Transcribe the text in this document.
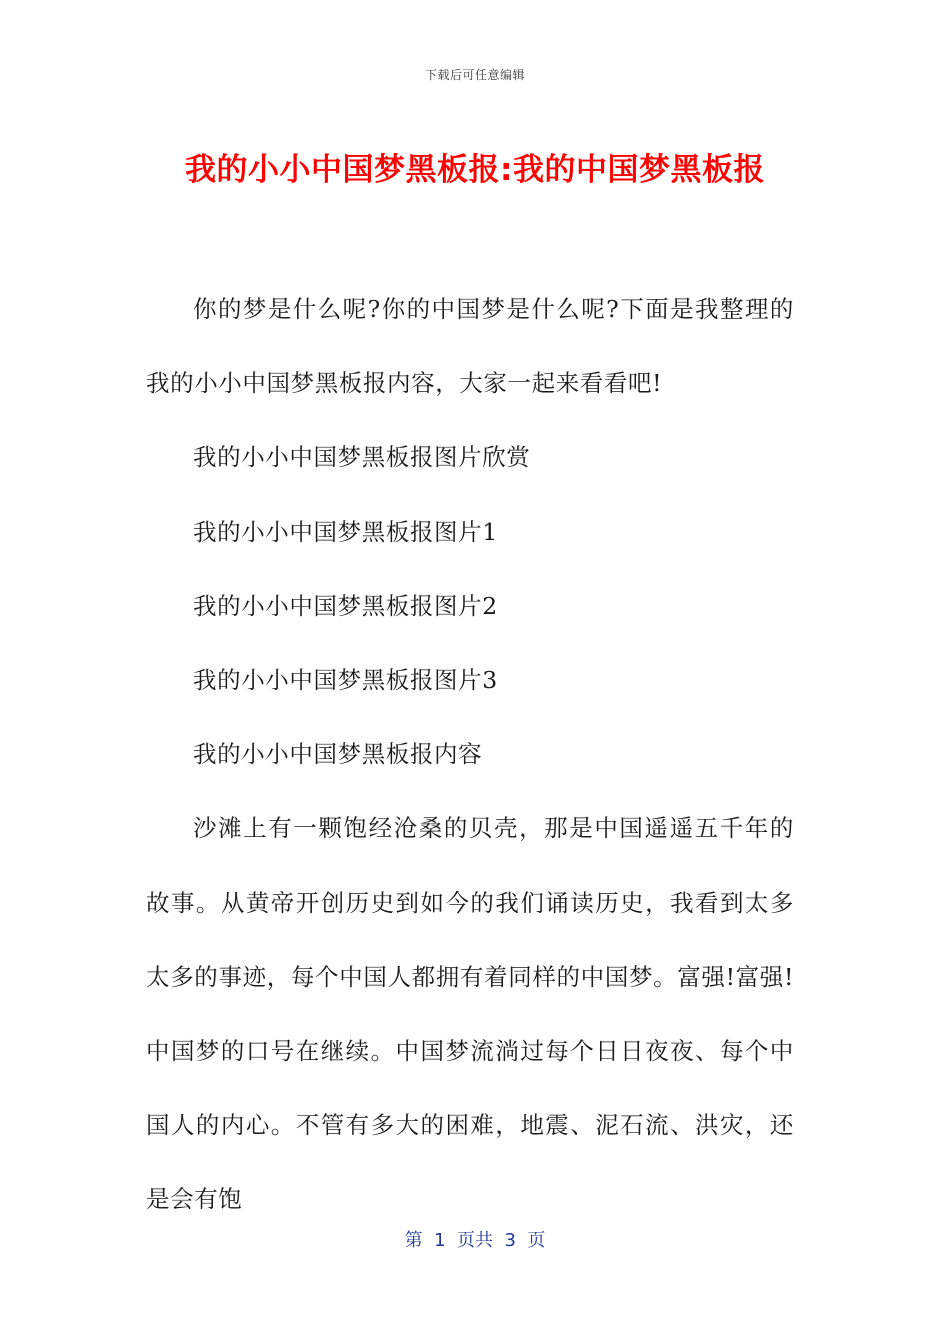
下载后可任意编辑
我的小小中国梦黑板报:我的中国梦黑板报

你的梦是什么呢?你的中国梦是什么呢?下面是我整理的我的小小中国梦黑板报内容，大家一起来看看吧!

我的小小中国梦黑板报图片欣赏

我的小小中国梦黑板报图片1

我的小小中国梦黑板报图片2

我的小小中国梦黑板报图片3

我的小小中国梦黑板报内容

沙滩上有一颗饱经沧桑的贝壳，那是中国遥遥五千年的故事。从黄帝开创历史到如今的我们诵读历史，我看到太多太多的事迹，每个中国人都拥有着同样的中国梦。富强!富强!中国梦的口号在继续。中国梦流淌过每个日日夜夜、每个中国人的内心。不管有多大的困难，地震、泥石流、洪灾，还是会有饱

第  1  页共  3  页
